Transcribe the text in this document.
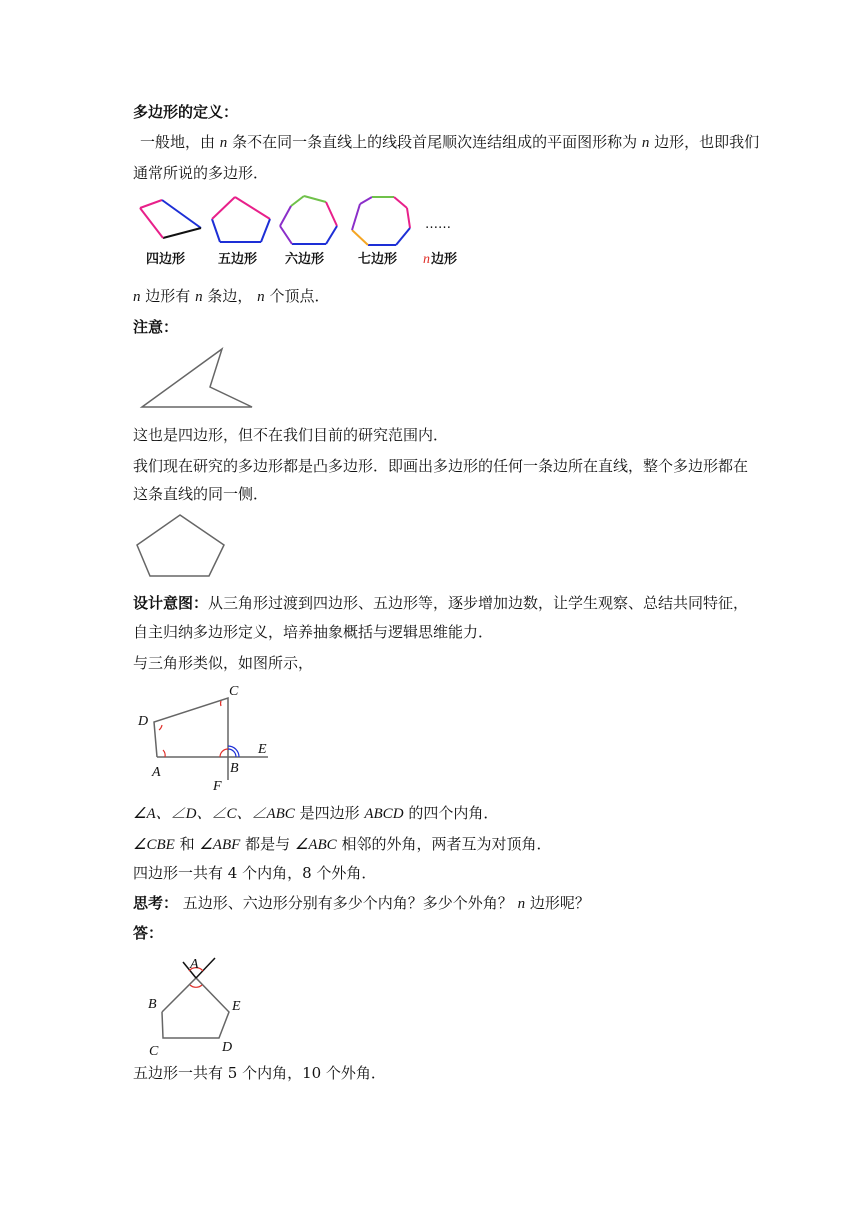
多边形的定义：
一般地，由 n 条不在同一条直线上的线段首尾顺次连结组成的平面图形称为 n 边形，也即我们
通常所说的多边形．
四边形	五边形 六边形	七边形
……
n 边形
n 边形有 n 条边， n 个顶点．
注意：
这也是四边形，但不在我们目前的研究范围内．
我们现在研究的多边形都是凸多边形．即画出多边形的任何一条边所在直线，整个多边形都在
这条直线的同一侧．
设计意图：从三角形过渡到四边形、五边形等，逐步增加边数，让学生观察、总结共同特征，
自主归纳多边形定义，培养抽象概括与逻辑思维能力．
与三角形类似，如图所示，
C
D
E
A	B
F
∠A、∠D、∠C、∠ABC 是四边形 ABCD 的四个内角．
∠CBE 和 ∠ABF 都是与 ∠ABC 相邻的外角，两者互为对顶角．
四边形一共有 4 个内角，8 个外角．
思考： 五边形、六边形分别有多少个内角？多少个外角？ n 边形呢？
答：
A
B	E
C	D
五边形一共有 5 个内角，10 个外角．
